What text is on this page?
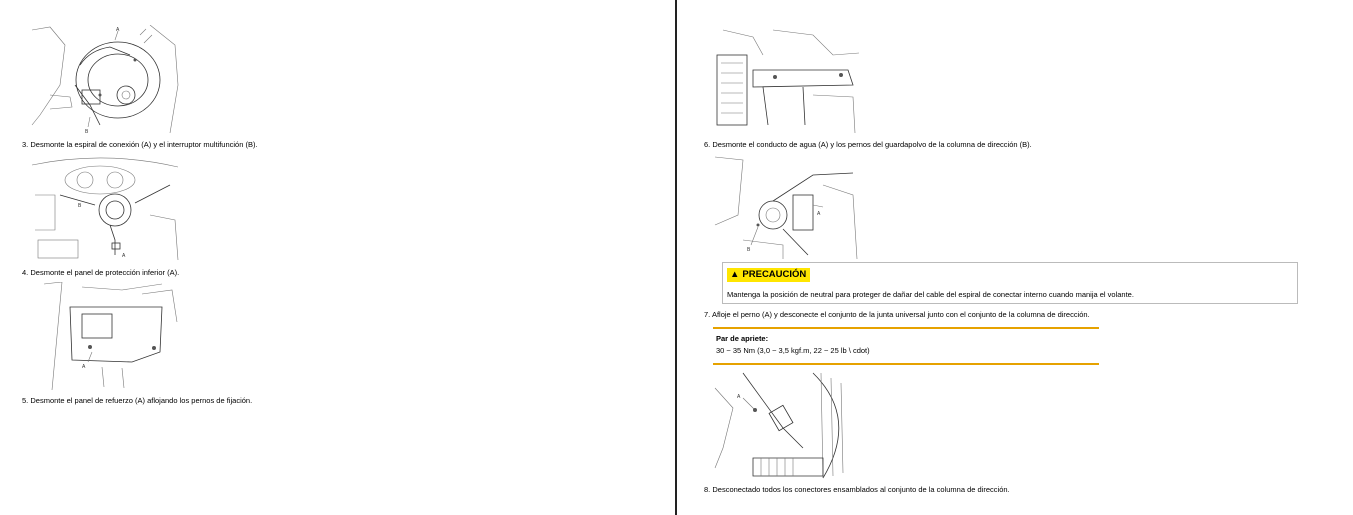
A
B
3. Desmonte la espiral de conexión (A) y el interruptor multifunción (B).
B
A
4. Desmonte el panel de protección inferior (A).
A
5. Desmonte el panel de refuerzo (A) aflojando los pernos de fijación.
6. Desmonte el conducto de agua (A) y los pernos del guardapolvo de la columna de dirección (B).
A
B
▲ PRECAUCIÓN
Mantenga la posición de neutral para proteger de dañar del cable del espiral de conectar interno cuando manija el volante.
7. Afloje el perno (A) y desconecte el conjunto de la junta universal junto con el conjunto de la columna de dirección.
Par de apriete:
30 ~ 35 Nm (3,0 ~ 3,5 kgf.m, 22 ~ 25 lb \ cdot)
A
8. Desconectado todos los conectores ensamblados al conjunto de la columna de dirección.
